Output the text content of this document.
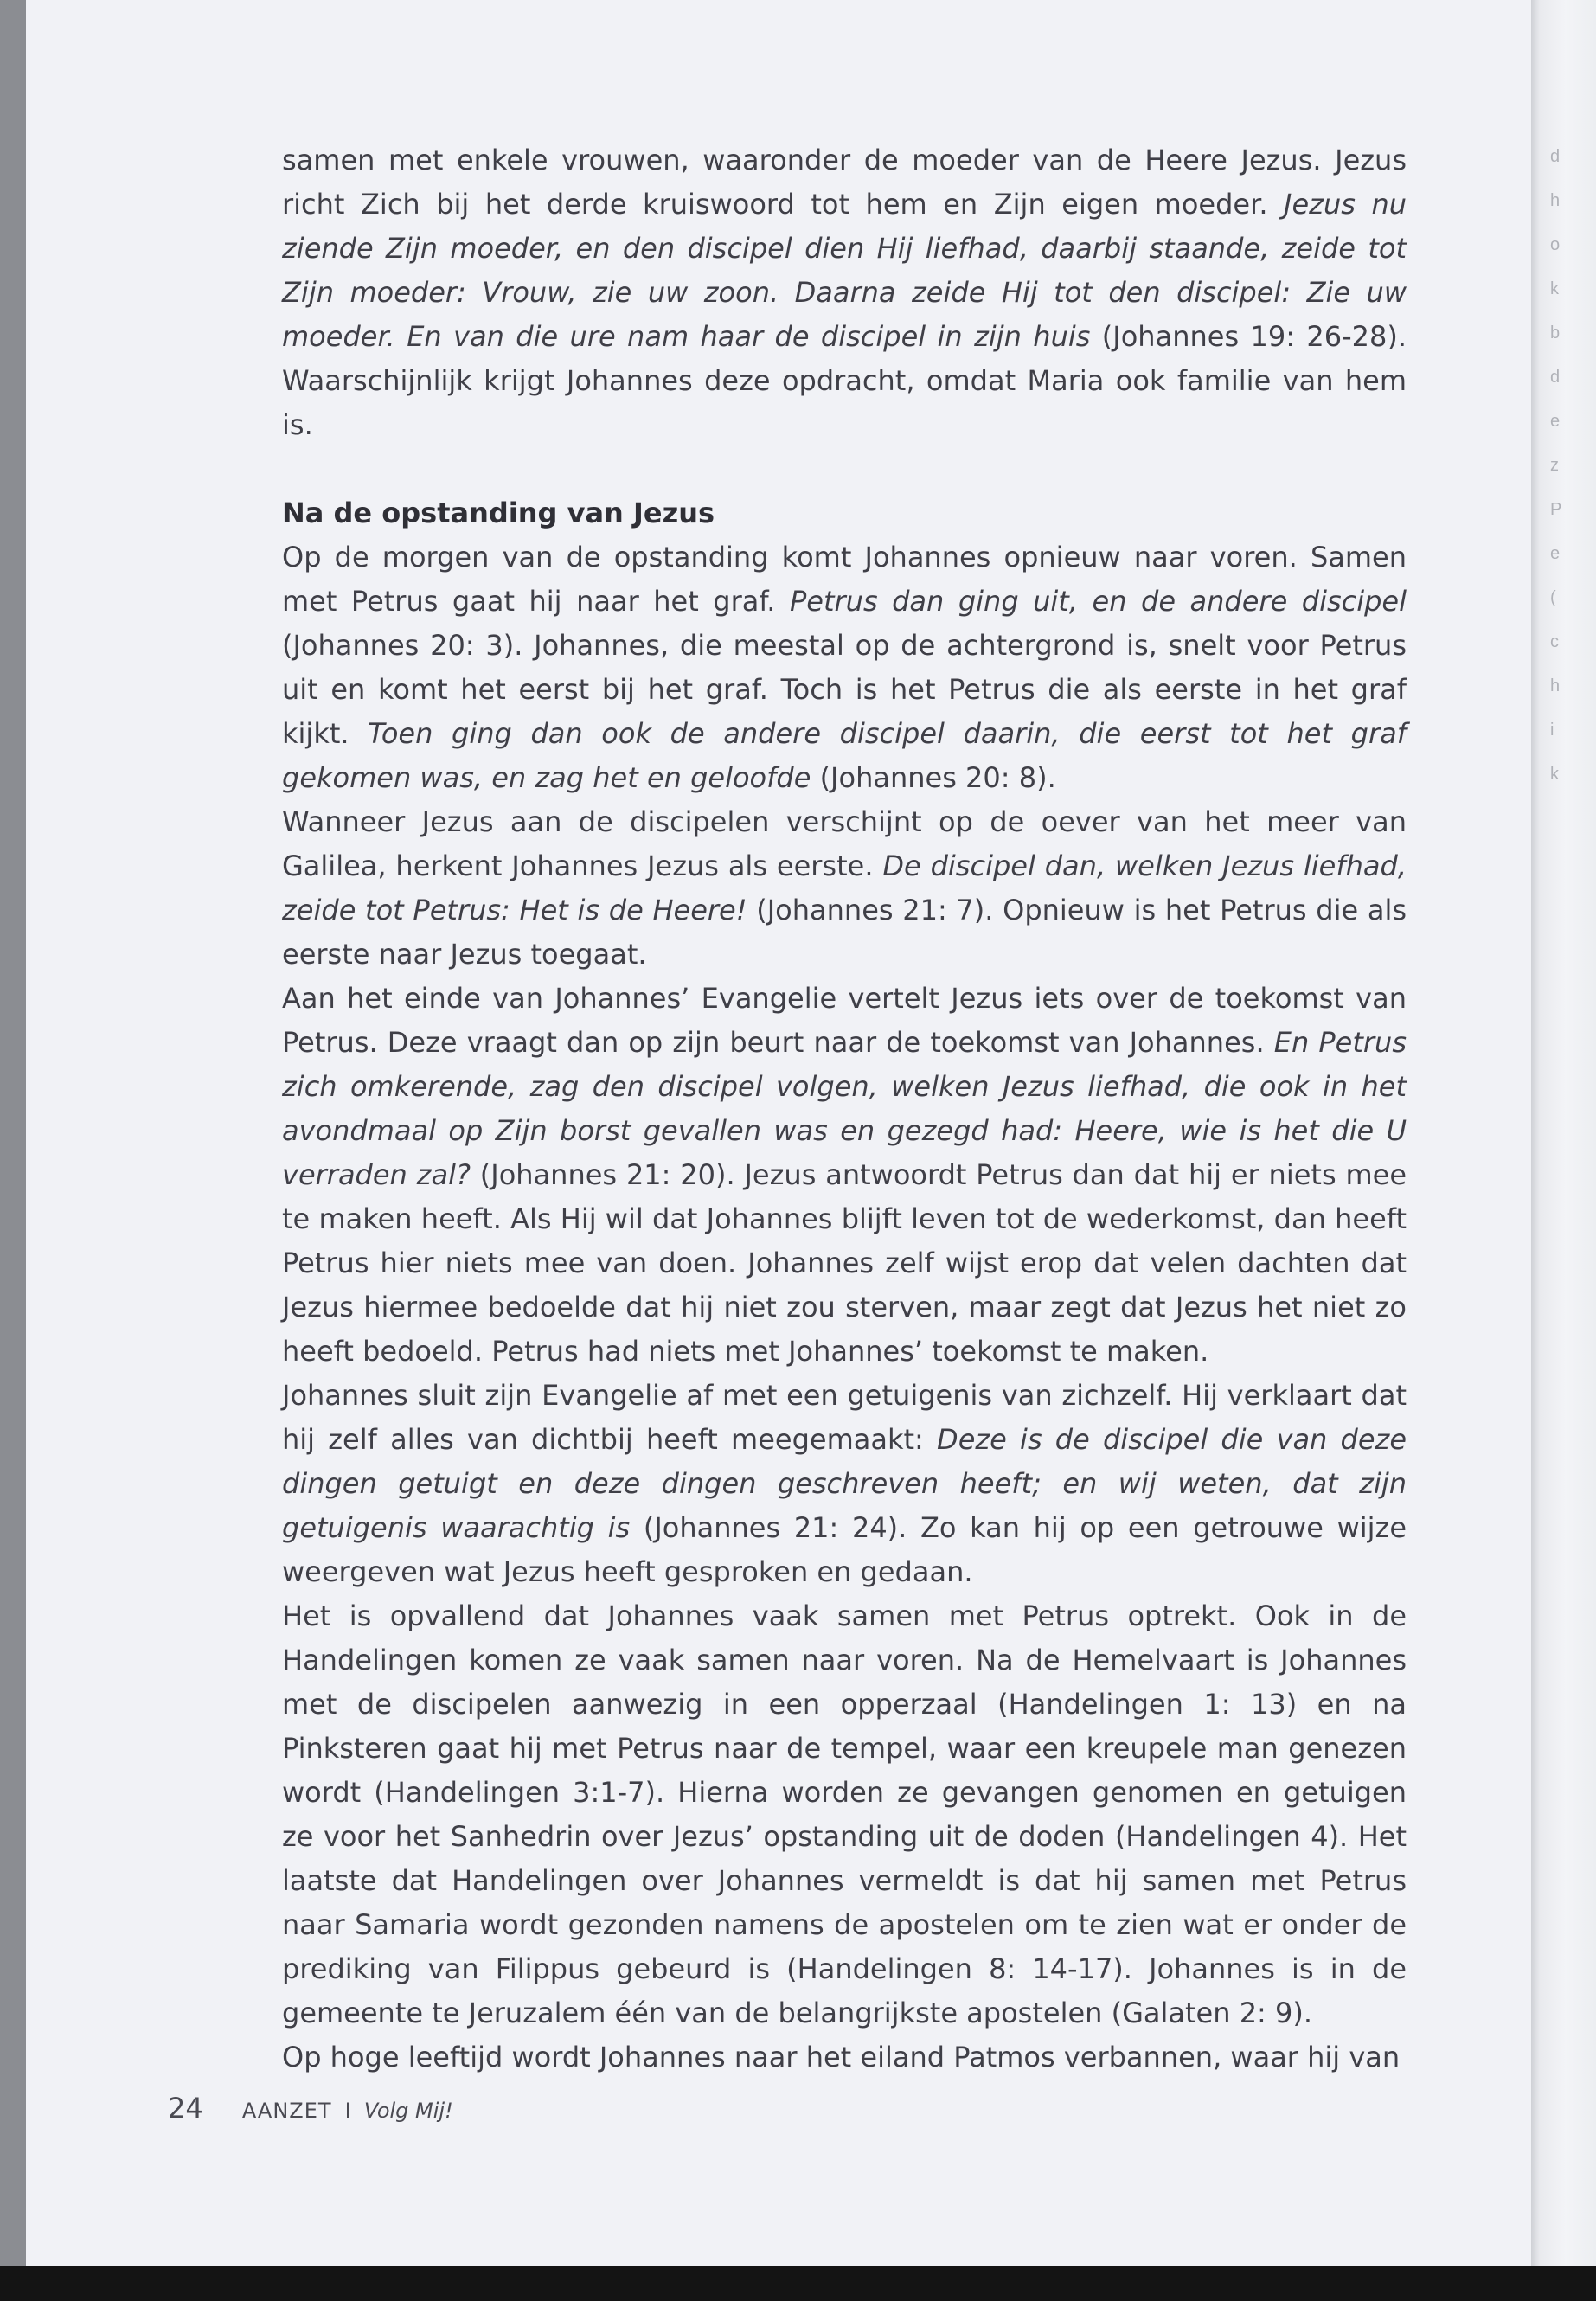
d
h
o
k
b
d
e
z
P
e
(
c
h
i
k

samen met enkele vrouwen, waaronder de moeder van de Heere Jezus. Jezus richt Zich bij het derde kruiswoord tot hem en Zijn eigen moeder. Jezus nu ziende Zijn moeder, en den discipel dien Hij liefhad, daarbij staande, zeide tot Zijn moeder: Vrouw, zie uw zoon. Daarna zeide Hij tot den discipel: Zie uw moeder. En van die ure nam haar de discipel in zijn huis (Johannes 19: 26-28). Waarschijnlijk krijgt Johannes deze opdracht, omdat Maria ook familie van hem is.

Na de opstanding van Jezus

Op de morgen van de opstanding komt Johannes opnieuw naar voren. Samen met Petrus gaat hij naar het graf. Petrus dan ging uit, en de andere discipel (Johannes 20: 3). Johannes, die meestal op de achtergrond is, snelt voor Petrus uit en komt het eerst bij het graf. Toch is het Petrus die als eerste in het graf kijkt. Toen ging dan ook de andere discipel daarin, die eerst tot het graf gekomen was, en zag het en geloofde (Johannes 20: 8).

Wanneer Jezus aan de discipelen verschijnt op de oever van het meer van Galilea, herkent Johannes Jezus als eerste. De discipel dan, welken Jezus liefhad, zeide tot Petrus: Het is de Heere! (Johannes 21: 7). Opnieuw is het Petrus die als eerste naar Jezus toegaat.

Aan het einde van Johannes’ Evangelie vertelt Jezus iets over de toekomst van Petrus. Deze vraagt dan op zijn beurt naar de toekomst van Johannes. En Petrus zich omkerende, zag den discipel volgen, welken Jezus liefhad, die ook in het avondmaal op Zijn borst gevallen was en gezegd had: Heere, wie is het die U verraden zal? (Johannes 21: 20). Jezus antwoordt Petrus dan dat hij er niets mee te maken heeft. Als Hij wil dat Johannes blijft leven tot de wederkomst, dan heeft Petrus hier niets mee van doen. Johannes zelf wijst erop dat velen dachten dat Jezus hiermee bedoelde dat hij niet zou sterven, maar zegt dat Jezus het niet zo heeft bedoeld. Petrus had niets met Johannes’ toekomst te maken.

Johannes sluit zijn Evangelie af met een getuigenis van zichzelf. Hij verklaart dat hij zelf alles van dichtbij heeft meegemaakt: Deze is de discipel die van deze dingen getuigt en deze dingen geschreven heeft; en wij weten, dat zijn getuigenis waarachtig is (Johannes 21: 24). Zo kan hij op een getrouwe wijze weergeven wat Jezus heeft gesproken en gedaan.

Het is opvallend dat Johannes vaak samen met Petrus optrekt. Ook in de Handelingen komen ze vaak samen naar voren. Na de Hemelvaart is Johannes met de discipelen aanwezig in een opperzaal (Handelingen 1: 13) en na Pinksteren gaat hij met Petrus naar de tempel, waar een kreupele man genezen wordt (Handelingen 3:1-7). Hierna worden ze gevangen genomen en getuigen ze voor het Sanhedrin over Jezus’ opstanding uit de doden (Handelingen 4). Het laatste dat Handelingen over Johannes vermeldt is dat hij samen met Petrus naar Samaria wordt gezonden namens de apostelen om te zien wat er onder de prediking van Filippus gebeurd is (Handelingen 8: 14-17). Johannes is in de gemeente te Jeruzalem één van de belangrijkste apostelen (Galaten 2: 9).

Op hoge leeftijd wordt Johannes naar het eiland Patmos verbannen, waar hij van

24 AANZET I Volg Mij!
